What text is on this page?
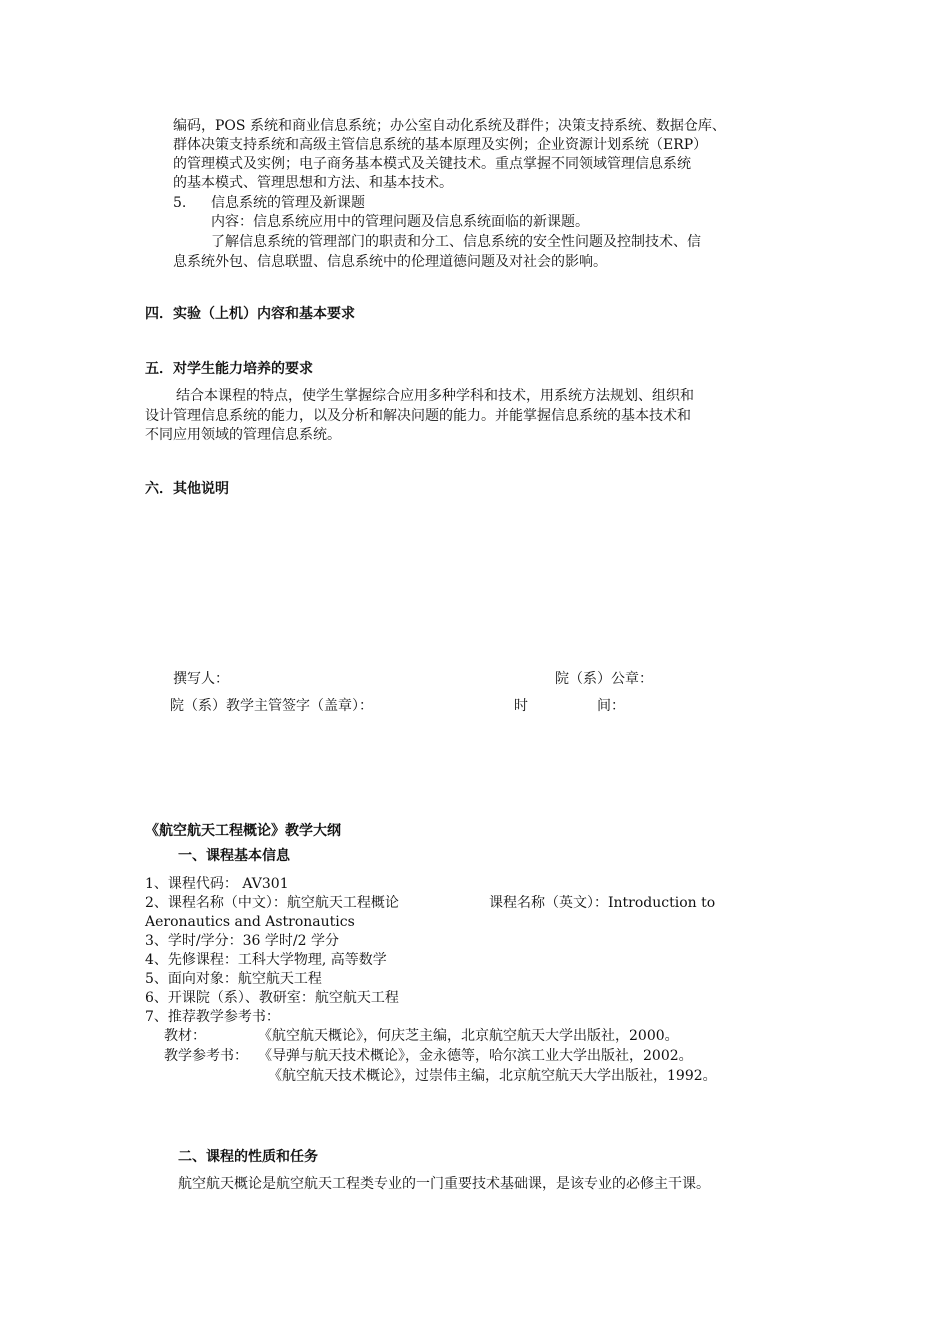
编码，POS 系统和商业信息系统；办公室自动化系统及群件；决策支持系统、数据仓库、
群体决策支持系统和高级主管信息系统的基本原理及实例；企业资源计划系统（ERP）
的管理模式及实例；电子商务基本模式及关键技术。重点掌握不同领域管理信息系统
的基本模式、管理思想和方法、和基本技术。
5. 信息系统的管理及新课题
内容：信息系统应用中的管理问题及信息系统面临的新课题。
了解信息系统的管理部门的职责和分工、信息系统的安全性问题及控制技术、信
息系统外包、信息联盟、信息系统中的伦理道德问题及对社会的影响。
四．实验（上机）内容和基本要求
五．对学生能力培养的要求
结合本课程的特点，使学生掌握综合应用多种学科和技术，用系统方法规划、组织和
设计管理信息系统的能力，以及分析和解决问题的能力。并能掌握信息系统的基本技术和
不同应用领域的管理信息系统。
六．其他说明
撰写人：	院（系）公章：
院（系）教学主管签字（盖章）：	时	间：
《航空航天工程概论》教学大纲
一、课程基本信息
1、课程代码： AV301
2、课程名称（中文）：航空航天工程概论	课程名称（英文）：Introduction to
Aeronautics and Astronautics
3、学时/学分：36 学时/2 学分
4、先修课程：工科大学物理, 高等数学
5、面向对象：航空航天工程
6、开课院（系）、教研室：航空航天工程
7、推荐教学参考书：
教材：	《航空航天概论》，何庆芝主编，北京航空航天大学出版社，2000。
教学参考书： 《导弹与航天技术概论》，金永德等，哈尔滨工业大学出版社，2002。
《航空航天技术概论》，过崇伟主编，北京航空航天大学出版社，1992。
二、课程的性质和任务
航空航天概论是航空航天工程类专业的一门重要技术基础课，是该专业的必修主干课。
